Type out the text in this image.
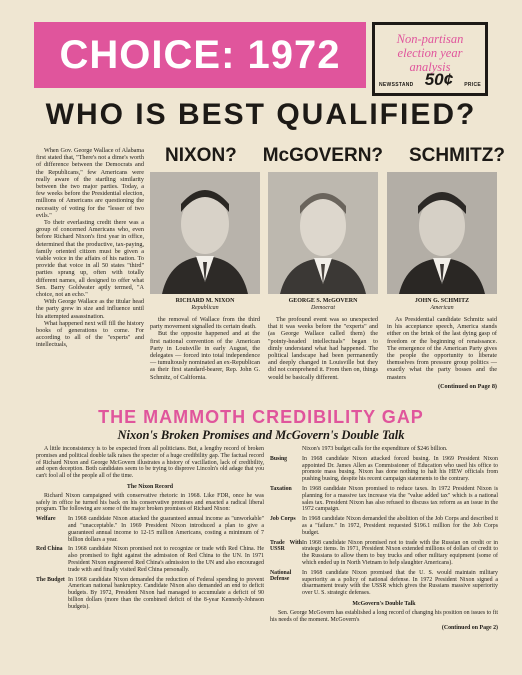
CHOICE: 1972	Non-partisan
election year
analysis
NEWSSTAND 50¢ PRICE
WHO IS BEST QUALIFIED?
NIXON? McGOVERN? SCHMITZ?

When Gov. George Wallace of Alabama first stated that, "There's not a dime's worth of difference between the Democrats and the Republicans," few Americans were really aware of the startling similarity between the two major parties. Today, a few weeks before the Presidential election, millions of Americans are questioning the necessity of voting for the "lesser of two evils."

To their everlasting credit there was a group of concerned Americans who, even before Richard Nixon's first year in office, determined that the productive, tax-paying, family oriented citizen must be given a viable voice in the affairs of his nation. To provide that voice in all 50 states "third" parties sprang up, often with totally different names, all designed to offer what Sen. Barry Goldwater aptly termed, "A choice, not an echo."

With George Wallace as the titular head the party grew in size and influence until his attempted assassination.

What happened next will fill the history books of generations to come. For according to all of the "experts" and intellectuals,

RICHARD M. NIXON
Republican
GEORGE S. McGOVERN
Democrat
JOHN G. SCHMITZ
American

the removal of Wallace from the third party movement signalled its certain death.

But the opposite happened and at the first national convention of the American Party in Louisville in early August, the delegates — forced into total independence — tumultously nominated an ex-Republican as their first standard-bearer, Rep. John G. Schmitz, of California.

The profound event was so unexpected that it was weeks before the "experts" and (as George Wallace called them) the "pointy-headed intellectuals" began to dimly understand what had happened. The political landscape had been permanently and deeply changed in Louisville but they did not comprehend it. From then on, things would be basically different.

As Presidential candidate Schmitz said in his acceptance speech, America stands either on the brink of the last dying gasp of freedom or the beginning of renaissance. The emergence of the American Party gives the people the opportunity to liberate themselves from pressure group politics — exactly what the party bosses and the masters

(Continued on Page 8)

THE MAMMOTH CREDIBILITY GAP
Nixon's Broken Promises and McGovern's Double Talk

A little inconsistency is to be expected from all politicians. But, a lengthy record of broken promises and political double talk raises the specter of a huge credibility gap. The factual record of Richard Nixon and George McGovern illustrates a history of vacillation, lack of credibility, and open deception. Both candidates seem to be trying to disprove Lincoln's old adage that you can't fool all of the people all of the time.

The Nixon Record

Richard Nixon campaigned with conservative rhetoric in 1968. Like FDR, once he was safely in office he turned his back on his conservative promises and enacted a radical liberal program. The following are some of the major broken promises of Richard Nixon:

Welfare	In 1968 candidate Nixon attacked the guaranteed annual income as "unworkable" and "unacceptable." In 1969 President Nixon introduced a plan to give a guaranteed annual income to 12-15 million Americans, costing a minimum of 7 billion dollars a year.
Red China In 1968 candidate Nixon promised not to recognize or trade with Red China. He also promised to fight against the admission of Red China to the UN. In 1971 President Nixon engineered Red China's admission to the UN and also encouraged trade with and finally visited Red China personally.
The Budget In 1968 candidate Nixon demanded the reduction of Federal spending to prevent American national bankruptcy. Candidate Nixon also demanded an end to deficit budgets. By 1972, President Nixon had managed to accumulate a deficit of 90 billion dollars (more than the combined deficit of the 8-year Kennedy-Johnson budgets).

Nixon's 1973 budget calls for the expenditure of $246 billion.

Busing	In 1968 candidate Nixon attacked forced busing. In 1969 President Nixon appointed Dr. James Allen as Commissioner of Education who used his office to promote mass busing. Nixon has done nothing to halt his HEW officials from pushing busing, despite his recent campaign statements to the contrary.
Taxation	In 1968 candidate Nixon promised to reduce taxes. In 1972 President Nixon is planning for a massive tax increase via the "value added tax" which is a national sales tax. President Nixon has also refused to discuss tax reform as an issue in the 1972 campaign.
Job Corps	In 1968 candidate Nixon demanded the abolition of the Job Corps and described it as a "failure." In 1972, President requested $196.1 million for the Job Corps budget.
Trade With USSR
In 1968 candidate Nixon promised not to trade with the Russian on credit or in strategic items. In 1971, President Nixon extended millions of dollars of credit to the Russians to allow them to buy trucks and other military equipment (some of which ended up in North Vietnam to help slaughter Americans).
National Defense
In 1968 candidate Nixon promised that the U. S. would maintain military superiority as a policy of national defense. In 1972 President Nixon signed a disarmament treaty with the USSR which gives the Russians massive superiority over U. S. strategic defenses.

McGovern's Double Talk

Sen. George McGovern has established a long record of changing his position on issues to fit his needs of the moment. McGovern's

(Continued on Page 2)
